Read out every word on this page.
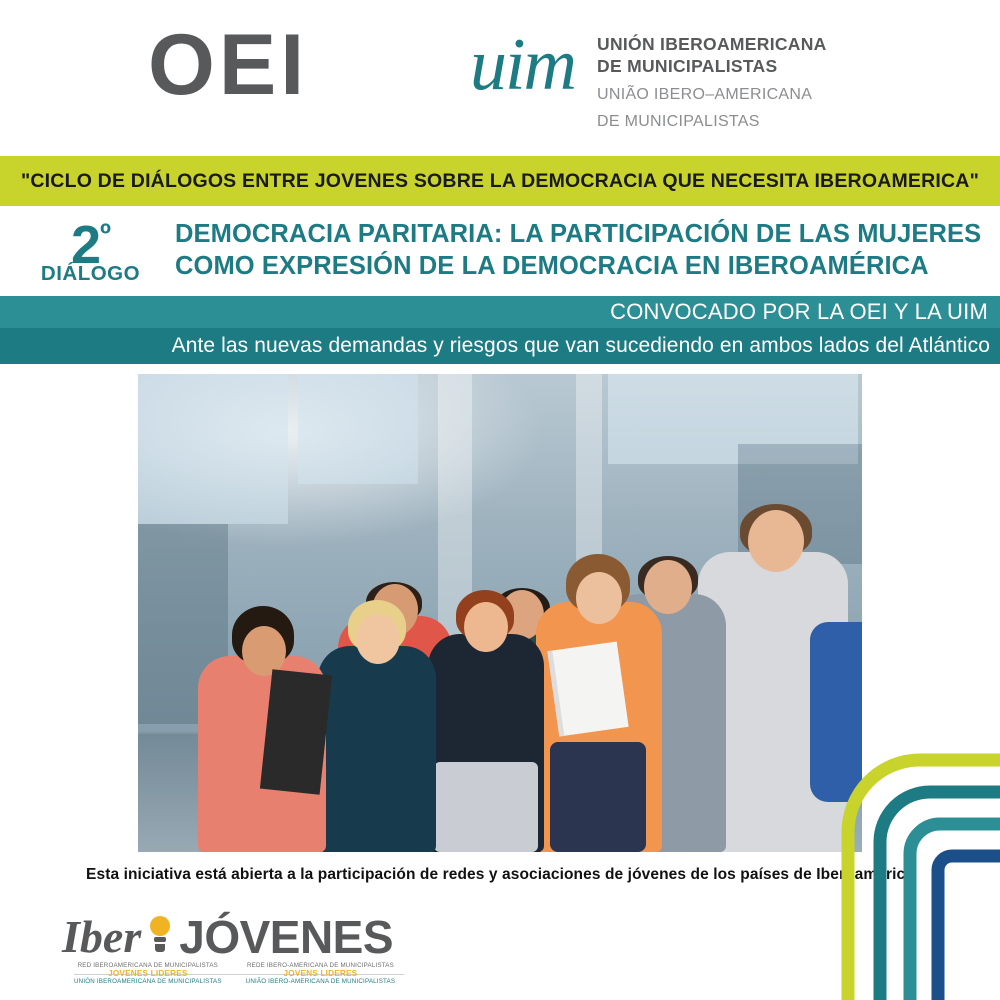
OEI uim UNIÓN IBEROAMERICANA
DE MUNICIPALISTAS
UNIÃO IBERO–AMERICANA
DE MUNICIPALISTAS
"CICLO DE DIÁLOGOS ENTRE JOVENES SOBRE LA DEMOCRACIA QUE NECESITA IBEROAMERICA"
$2^º$
DIÁLOGO
DEMOCRACIA PARITARIA: LA PARTICIPACIÓN DE LAS MUJERES
COMO EXPRESIÓN DE LA DEMOCRACIA EN IBEROAMÉRICA
CONVOCADO POR LA OEI Y LA UIM
Ante las nuevas demandas y riesgos que van sucediendo en ambos lados del Atlántico
Esta iniciativa está abierta a la participación de redes y asociaciones de jóvenes de los países de Iberoamérica
Iber JÓVENES
RED IBEROAMERICANA DE MUNICIPALISTAS
JOVENES LIDERES
UNIÓN IBEROAMERICANA DE MUNICIPALISTAS
REDE IBERO-AMERICANA DE MUNICIPALISTAS
JOVENS LIDERES
UNIÃO IBERO-AMERICANA DE MUNICIPALISTAS
